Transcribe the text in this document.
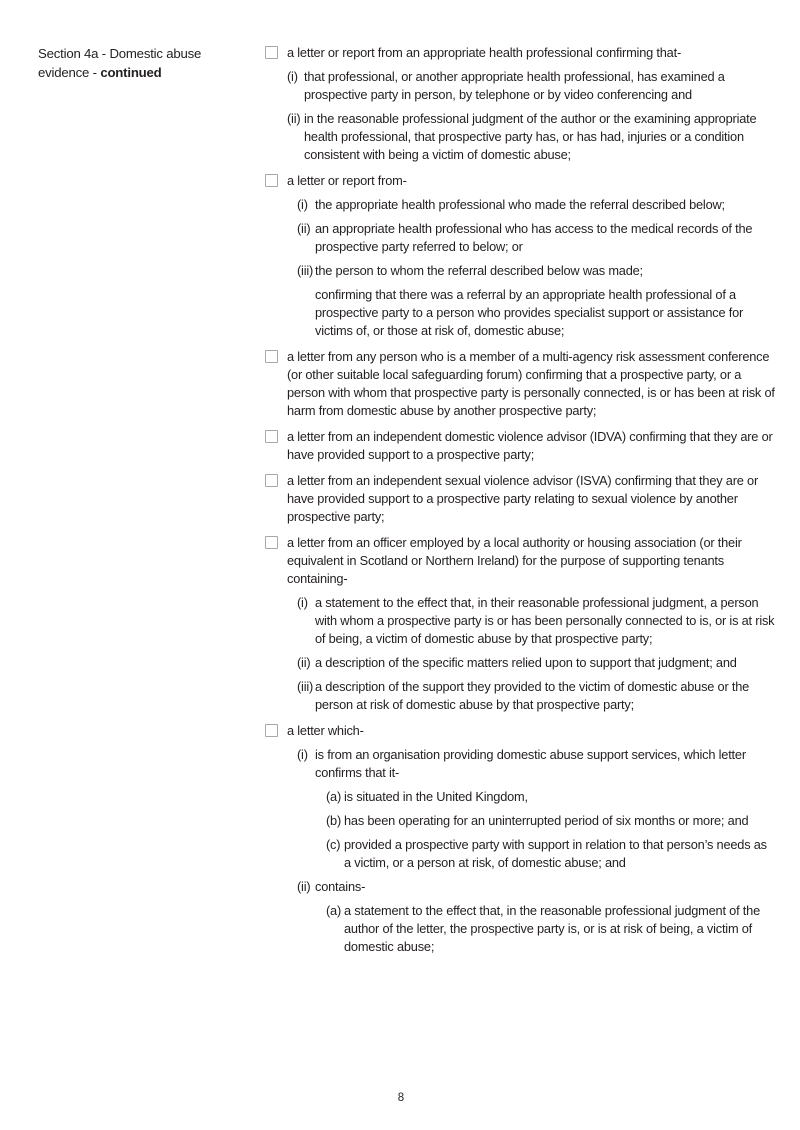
Section 4a - Domestic abuse
evidence - continued
a letter or report from an appropriate health professional confirming that-
(i) that professional, or another appropriate health professional, has examined a prospective party in person, by telephone or by video conferencing and
(ii) in the reasonable professional judgment of the author or the examining appropriate health professional, that prospective party has, or has had, injuries or a condition consistent with being a victim of domestic abuse;
a letter or report from-
(i) the appropriate health professional who made the referral described below;
(ii) an appropriate health professional who has access to the medical records of the prospective party referred to below; or
(iii) the person to whom the referral described below was made;
confirming that there was a referral by an appropriate health professional of a prospective party to a person who provides specialist support or assistance for victims of, or those at risk of, domestic abuse;
a letter from any person who is a member of a multi-agency risk assessment conference (or other suitable local safeguarding forum) confirming that a prospective party, or a person with whom that prospective party is personally connected, is or has been at risk of harm from domestic abuse by another prospective party;
a letter from an independent domestic violence advisor (IDVA) confirming that they are or have provided support to a prospective party;
a letter from an independent sexual violence advisor (ISVA) confirming that they are or have provided support to a prospective party relating to sexual violence by another prospective party;
a letter from an officer employed by a local authority or housing association (or their equivalent in Scotland or Northern Ireland) for the purpose of supporting tenants containing-
(i) a statement to the effect that, in their reasonable professional judgment, a person with whom a prospective party is or has been personally connected to is, or is at risk of being, a victim of domestic abuse by that prospective party;
(ii) a description of the specific matters relied upon to support that judgment; and
(iii) a description of the support they provided to the victim of domestic abuse or the person at risk of domestic abuse by that prospective party;
a letter which-
(i) is from an organisation providing domestic abuse support services, which letter confirms that it-
(a) is situated in the United Kingdom,
(b) has been operating for an uninterrupted period of six months or more; and
(c) provided a prospective party with support in relation to that person’s needs as a victim, or a person at risk, of domestic abuse; and
(ii) contains-
(a) a statement to the effect that, in the reasonable professional judgment of the author of the letter, the prospective party is, or is at risk of being, a victim of domestic abuse;
8
